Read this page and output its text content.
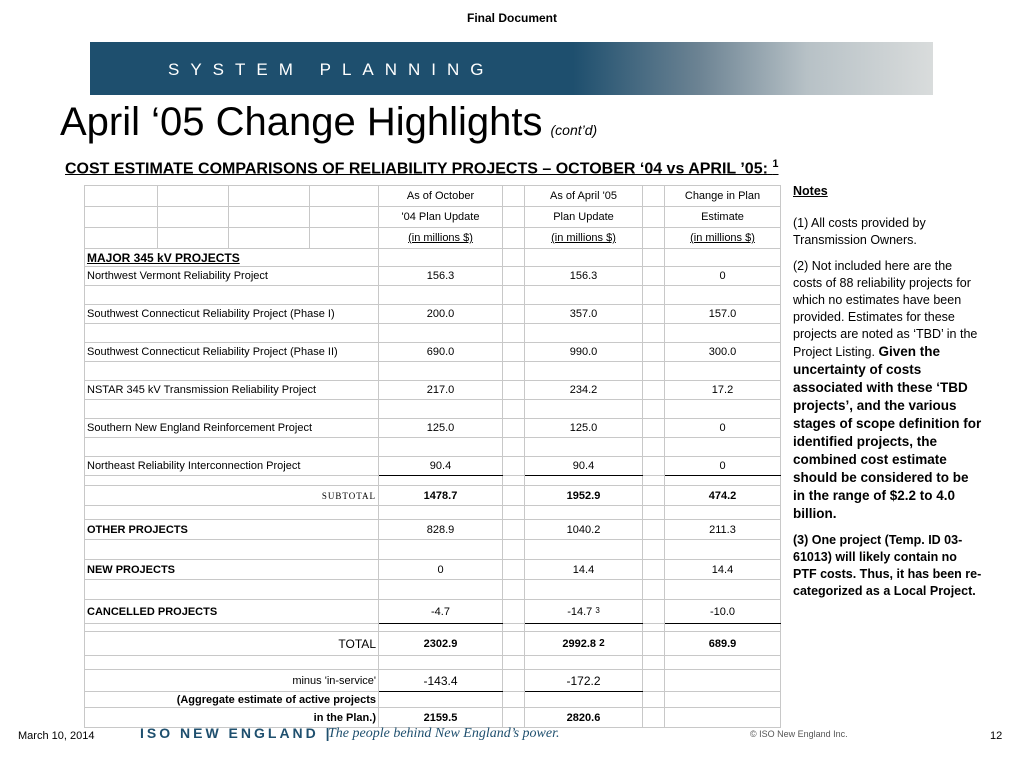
Final Document
SYSTEM PLANNING
April ‘05 Change Highlights (cont’d)
COST ESTIMATE COMPARISONS OF RELIABILITY PROJECTS – OCTOBER ‘04 vs APRIL ’05: $^1$
				As of October		As of April '05		Change in Plan
				'04 Plan Update		Plan Update		Estimate
				(in millions $)		(in millions $)		(in millions $)
MAJOR 345 kV PROJECTS								
Northwest Vermont Reliability Project				156.3		156.3		0

Southwest Connecticut Reliability Project (Phase I)				200.0		357.0		157.0

Southwest Connecticut Reliability Project (Phase II)				690.0		990.0		300.0

NSTAR 345 kV Transmission Reliability Project				217.0		234.2		17.2

Southern New England Reinforcement Project				125.0		125.0		0

Northeast Reliability Interconnection Project				90.4		90.4		0

SUBTOTAL				1478.7		1952.9		474.2

OTHER PROJECTS				828.9		1040.2		211.3

NEW PROJECTS				0		14.4		14.4

CANCELLED PROJECTS				-4.7		-14.7 $^3$		-10.0

TOTAL				2302.9		2992.8 2		689.9

minus 'in-service'				-143.4		-172.2		
(Aggregate estimate of active projects								
in the Plan.)				2159.5		2820.6		

Notes

(1) All costs provided by Transmission Owners.

(2) Not included here are the costs of 88 reliability projects for which no estimates have been provided. Estimates for these projects are noted as ‘TBD’ in the Project Listing. Given the uncertainty of costs associated with these ‘TBD projects’, and the various stages of scope definition for identified projects, the combined cost estimate should be considered to be in the range of $2.2 to 4.0 billion.

(3) One project (Temp. ID 03-61013) will likely contain no PTF costs. Thus, it has been re-categorized as a Local Project.

March 10, 2014	ISO NEW ENGLAND |
The people behind New England’s power.	© ISO New England Inc.	12
